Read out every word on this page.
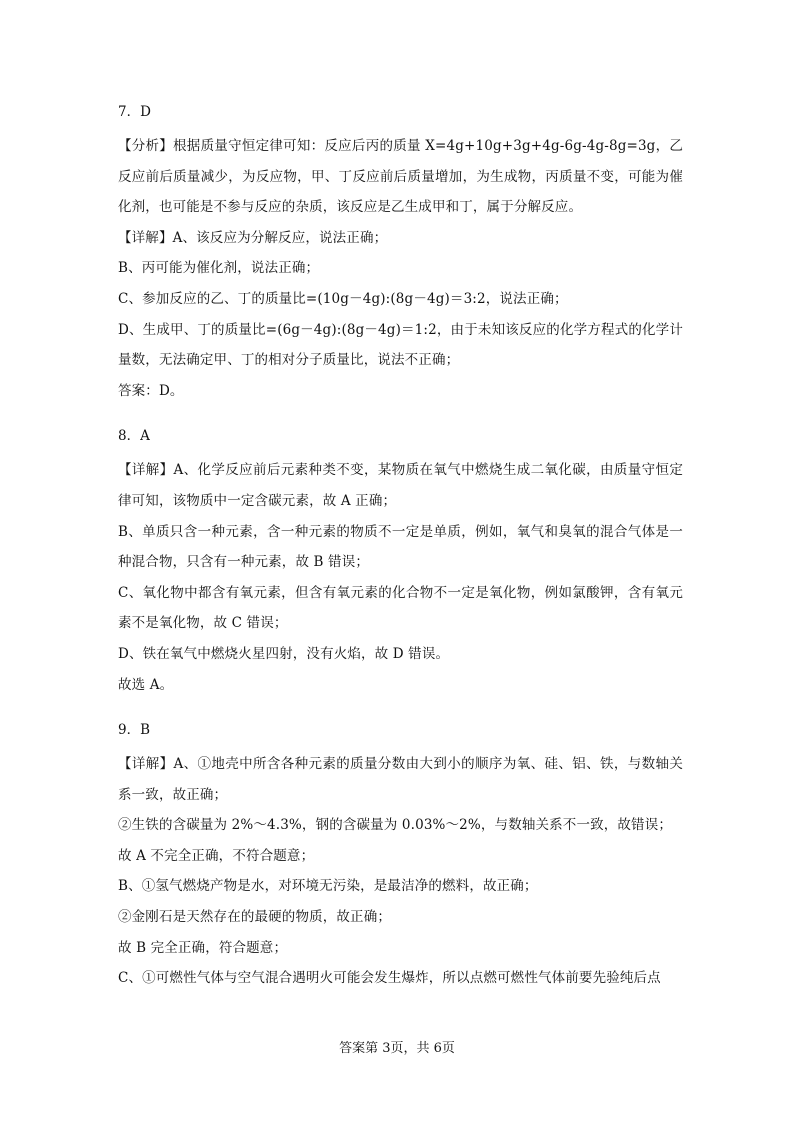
7．D

【分析】根据质量守恒定律可知：反应后丙的质量 X=4g+10g+3g+4g-6g-4g-8g=3g，乙反应前后质量减少，为反应物，甲、丁反应前后质量增加，为生成物，丙质量不变，可能为催化剂，也可能是不参与反应的杂质，该反应是乙生成甲和丁，属于分解反应。

【详解】A、该反应为分解反应，说法正确；

B、丙可能为催化剂，说法正确；

C、参加反应的乙、丁的质量比=(10g－4g):(8g－4g)＝3:2，说法正确；

D、生成甲、丁的质量比=(6g－4g):(8g－4g)＝1:2，由于未知该反应的化学方程式的化学计量数，无法确定甲、丁的相对分子质量比，说法不正确；

答案：D。

8．A

【详解】A、化学反应前后元素种类不变，某物质在氧气中燃烧生成二氧化碳，由质量守恒定律可知，该物质中一定含碳元素，故 A 正确；

B、单质只含一种元素，含一种元素的物质不一定是单质，例如，氧气和臭氧的混合气体是一种混合物，只含有一种元素，故 B 错误；

C、氧化物中都含有氧元素，但含有氧元素的化合物不一定是氧化物，例如氯酸钾，含有氧元素不是氧化物，故 C 错误；

D、铁在氧气中燃烧火星四射，没有火焰，故 D 错误。

故选 A。

9．B

【详解】A、①地壳中所含各种元素的质量分数由大到小的顺序为氧、硅、铝、铁，与数轴关系一致，故正确；

②生铁的含碳量为 2%～4.3%，钢的含碳量为 0.03%～2%，与数轴关系不一致，故错误；

故 A 不完全正确，不符合题意；

B、①氢气燃烧产物是水，对环境无污染，是最洁净的燃料，故正确；

②金刚石是天然存在的最硬的物质，故正确；

故 B 完全正确，符合题意；

C、①可燃性气体与空气混合遇明火可能会发生爆炸，所以点燃可燃性气体前要先验纯后点

答案第 3页，共 6页
